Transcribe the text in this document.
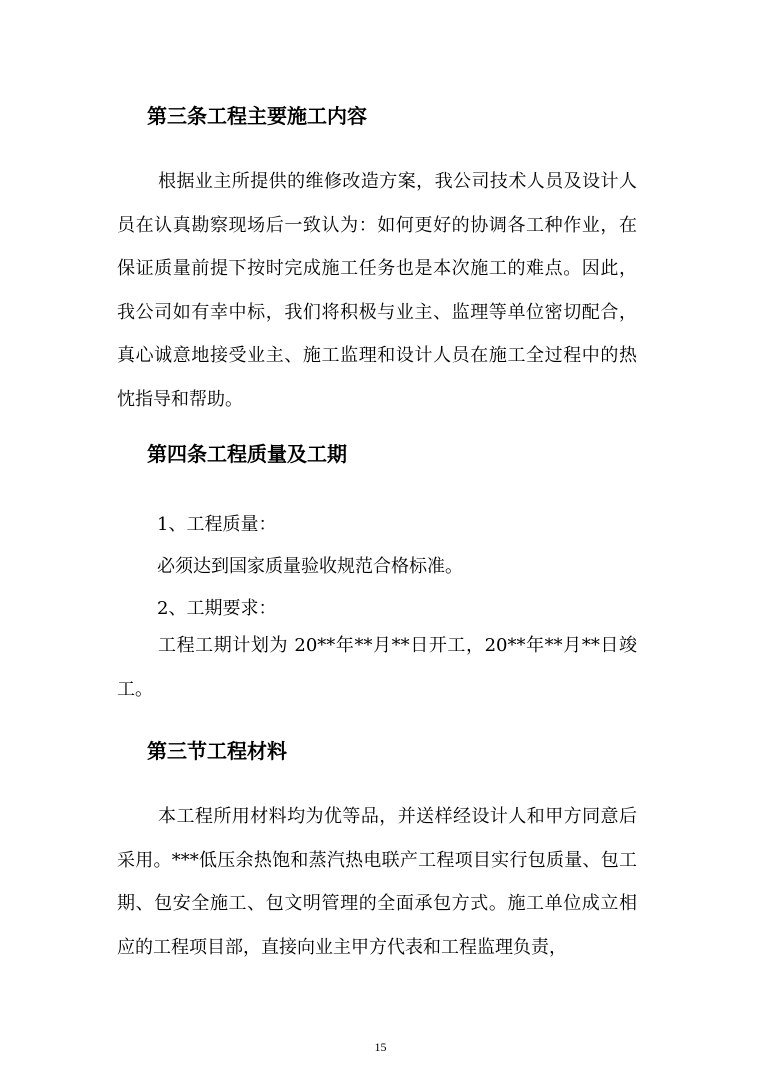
第三条工程主要施工内容
根据业主所提供的维修改造方案，我公司技术人员及设计人员在认真勘察现场后一致认为：如何更好的协调各工种作业，在保证质量前提下按时完成施工任务也是本次施工的难点。因此，我公司如有幸中标，我们将积极与业主、监理等单位密切配合，真心诚意地接受业主、施工监理和设计人员在施工全过程中的热忱指导和帮助。
第四条工程质量及工期
1、工程质量：
必须达到国家质量验收规范合格标准。
2、工期要求：
工程工期计划为 20**年**月**日开工，20**年**月**日竣工。
第三节工程材料
本工程所用材料均为优等品，并送样经设计人和甲方同意后采用。***低压余热饱和蒸汽热电联产工程项目实行包质量、包工期、包安全施工、包文明管理的全面承包方式。施工单位成立相应的工程项目部，直接向业主甲方代表和工程监理负责，
15
